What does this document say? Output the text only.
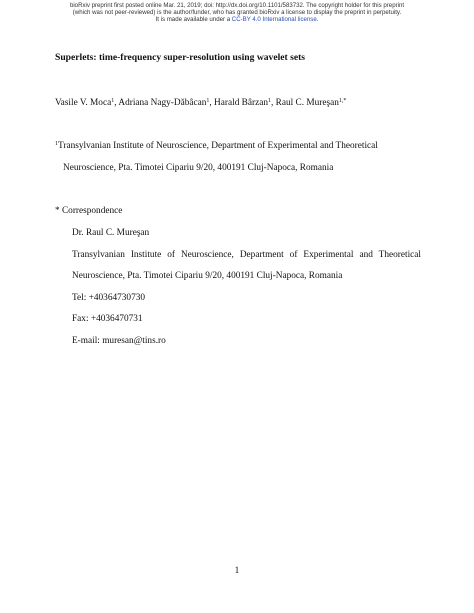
bioRxiv preprint first posted online Mar. 21, 2019; doi: http://dx.doi.org/10.1101/583732. The copyright holder for this preprint
(which was not peer-reviewed) is the author/funder, who has granted bioRxiv a license to display the preprint in perpetuity.
It is made available under a CC-BY 4.0 International license.
Superlets: time-frequency super-resolution using wavelet sets
Vasile V. Moca$^1$, Adriana Nagy-Dăbâcan$^1$, Harald Bârzan$^1$, Raul C. Mureşan$^{1,*}$
$^1$Transylvanian Institute of Neuroscience, Department of Experimental and Theoretical
Neuroscience, Pta. Timotei Cipariu 9/20, 400191 Cluj-Napoca, Romania
* Correspondence
Dr. Raul C. Mureşan
Transylvanian Institute of Neuroscience, Department of Experimental and Theoretical
Neuroscience, Pta. Timotei Cipariu 9/20, 400191 Cluj-Napoca, Romania
Tel: +40364730730
Fax: +4036470731
E-mail: muresan@tins.ro
1
